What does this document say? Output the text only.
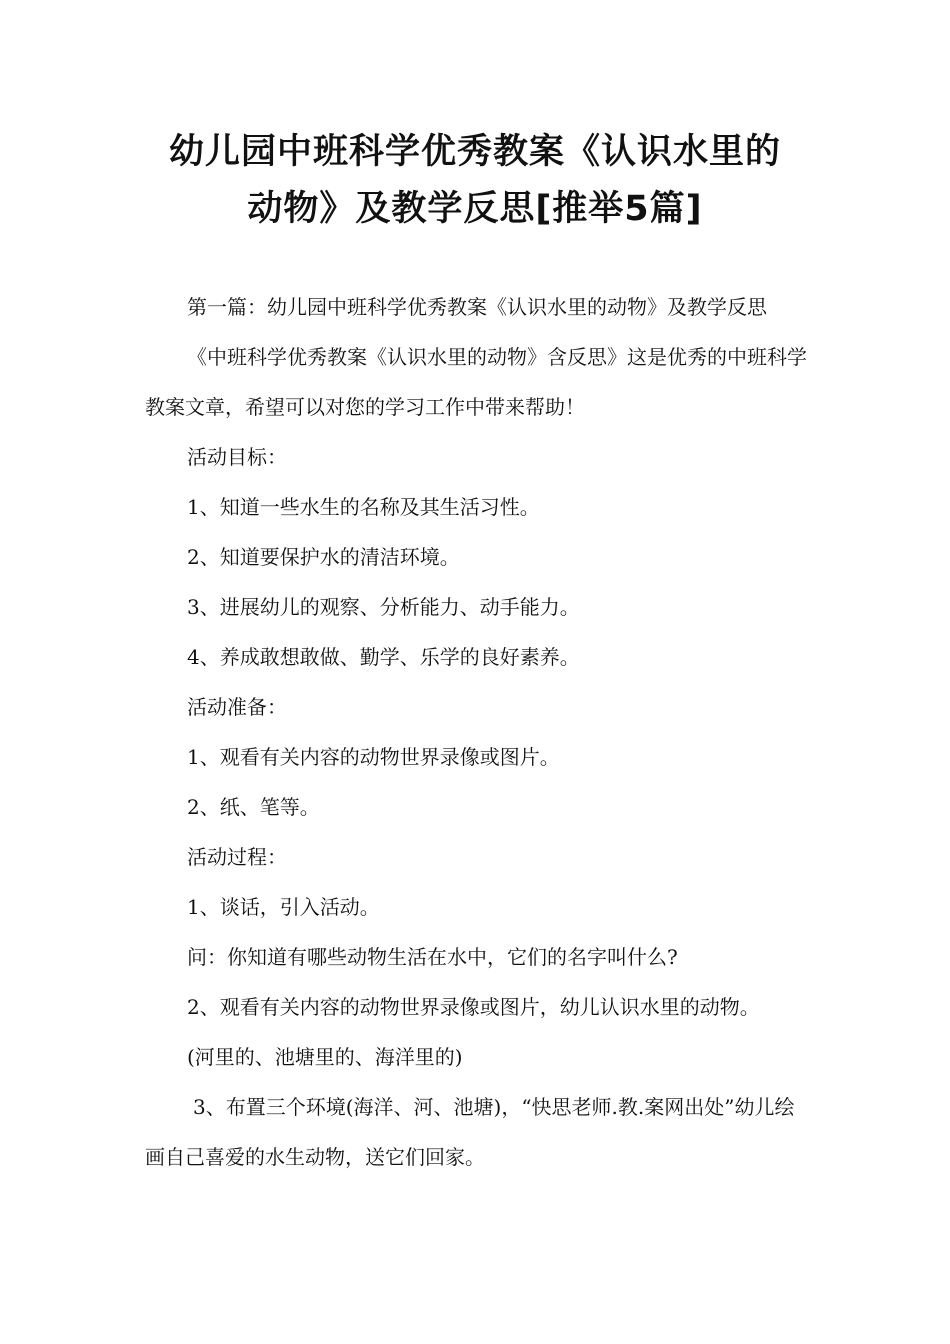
幼儿园中班科学优秀教案《认识水里的
动物》及教学反思[推举5篇]

第一篇：幼儿园中班科学优秀教案《认识水里的动物》及教学反思

《中班科学优秀教案《认识水里的动物》含反思》这是优秀的中班科学教案文章，希望可以对您的学习工作中带来帮助！

活动目标：

1、知道一些水生的名称及其生活习性。

2、知道要保护水的清洁环境。

3、进展幼儿的观察、分析能力、动手能力。

4、养成敢想敢做、勤学、乐学的良好素养。

活动准备：

1、观看有关内容的动物世界录像或图片。

2、纸、笔等。

活动过程：

1、谈话，引入活动。

问：你知道有哪些动物生活在水中，它们的名字叫什么?

2、观看有关内容的动物世界录像或图片，幼儿认识水里的动物。

(河里的、池塘里的、海洋里的)

3、布置三个环境(海洋、河、池塘)，“快思老师.教.案网出处”幼儿绘画自己喜爱的水生动物，送它们回家。
